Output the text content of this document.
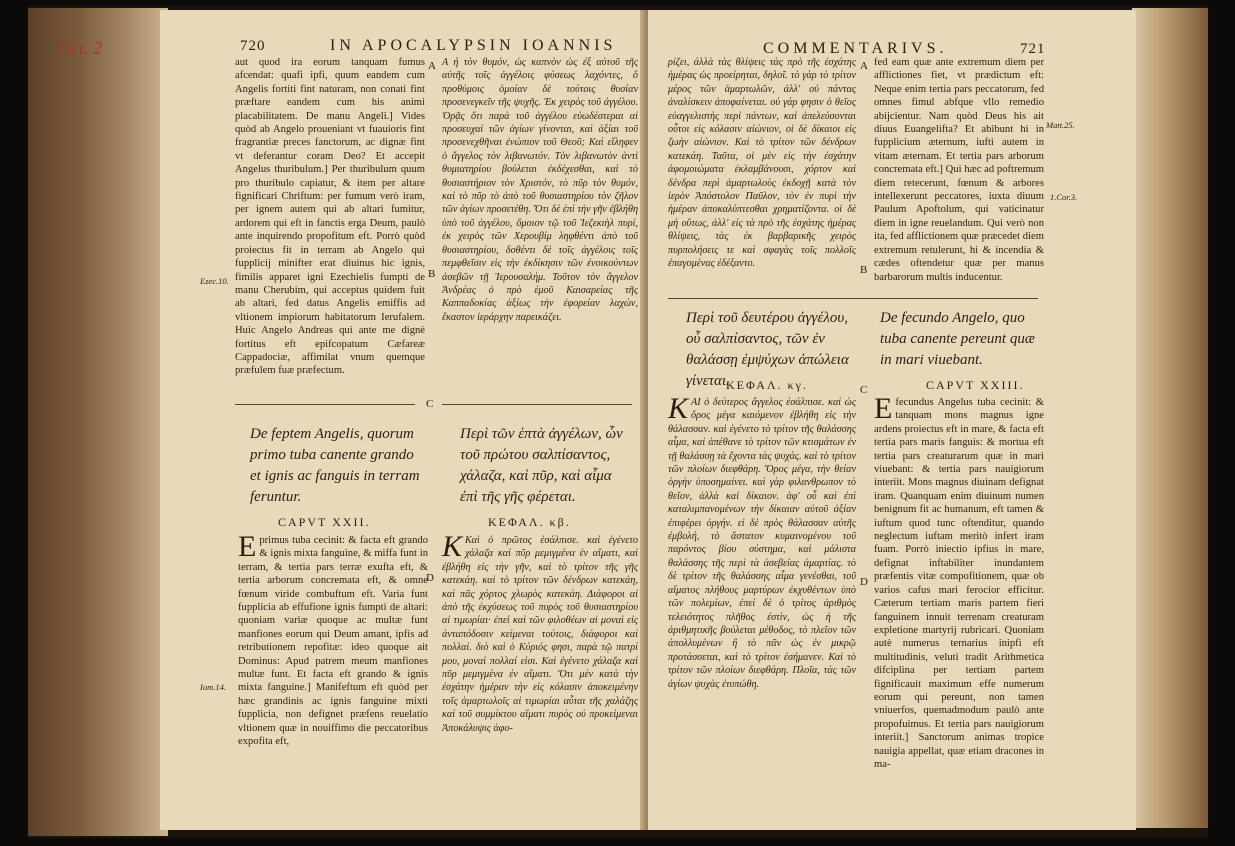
Oct. 2	720	IN APOCALYPSIN IOANNIS

aut quod ira eorum tanquam fumus afcendat: quafi ipfi, quum eandem cum Angelis fortiti fint naturam, non conati fint præftare eandem cum his animi placabilitatem. De manu Angeli.] Vides quòd ab Angelo proueniant vt fuauioris fint fragrantiæ preces fanctorum, ac dignæ fint vt deferantur coram Deo? Et accepit Angelus thuribulum.] Per thuribulum quum pro thuribulo capiatur, & item per altare fignificari Chriftum: per fumum verò iram, per ignem autem qui ab altari fumitur, ardorem qui eft in fanctis erga Deum, paulò ante inquirendo propofitum eft. Porrò quòd proiectus fit in terram ab Angelo qui fupplicij minifter erat diuinus hic ignis, fimilis apparet igni Ezechielis fumpti de manu Cherubim, qui acceptus quidem fuit ab altari, fed datus Angelis emiffis ad vltionem impiorum habitatorum Ierufalem. Huic Angelo Andreas qui ante me dignè fortitus eft epifcopatum Cæfareæ Cappadociæ, affimilat vnum quemque præfulem fuæ præfectum.

A
B

Α ή τὸν θυμόν, ὡς καπνὸν ὡς ἐξ αὐτοῦ τῆς αὐτῆς τοῖς ἀγγέλοις φύσεως λαχόντες, ὃ προθύμοις ὁμοίαν δὲ τούτοις θυσίαν προσενεγκεῖν τῆς ψυχῆς. Ἐκ χειρὸς τοῦ ἀγγέλου. Ὁρᾷς ὅτι παρὰ τοῦ ἀγγέλου εὐωδέστεραι αἱ προσευχαὶ τῶν ἁγίων γίνονται, καὶ ἀξίαι τοῦ προσενεχθῆναι ἐνώπιον τοῦ Θεοῦ; Καὶ εἴληφεν ὁ ἄγγελος τὸν λιβανωτόν. Τὸν λιβανωτὸν ἀντὶ θυμιατηρίου βούλεται ἐκδέχεσθαι, καὶ τὸ θυσιαστήριον τὸν Χριστόν, τὸ πῦρ τὸν θυμόν, καὶ τὸ πῦρ τὸ ἀπὸ τοῦ θυσιαστηρίου τὸν ζῆλον τῶν ἁγίων προσετέθη. Ὅτι δὲ ἐπὶ τὴν γῆν ἐβλήθη ὑπὸ τοῦ ἀγγέλου, ὅμοιον τῷ τοῦ Ἰεζεκιὴλ πυρί, ἐκ χειρὸς τῶν Χερουβίμ ληφθέντι ἀπὸ τοῦ θυσιαστηρίου, δοθέντι δὲ τοῖς ἀγγέλοις τοῖς πεμφθεῖσιν εἰς τὴν ἐκδίκησιν τῶν ἐνοικούντων ἀσεβῶν τῇ Ἱερουσαλήμ. Τοῦτον τὸν ἄγγελον Ἀνδρέας ὁ πρὸ ἐμοῦ Καισαρείας τῆς Καππαδοκίας ἀξίως τὴν ἐφορείαν λαχών, ἕκαστον ἱεράρχην παρεικάζει.

Ezec.10.
C
De feptem Angelis, quorum primo tuba canente grando et ignis ac fanguis in terram feruntur.
Περὶ τῶν ἑπτὰ ἀγγέλων, ὧν τοῦ πρώτου σαλπίσαντος, χάλαζα, καὶ πῦρ, καὶ αἷμα ἐπὶ τῆς γῆς φέρεται.
CAPVT XXII.	ΚΕΦΑΛ. κβ.
E primus tuba cecinit: & facta eft grando & ignis mixta fanguine, & miffa funt in terram, & tertia pars terræ exufta eft, & tertia arborum concremata eft, & omne fœnum viride combuftum eft. Varia funt fupplicia ab effufione ignis fumpti de altari: quoniam variæ quoque ac multæ funt manfiones eorum qui Deum amant, ipfis ad retributionem repofitæ: ideo quoque ait Dominus: Apud patrem meum manfiones multæ funt. Et facta eft grando & ignis mixta fanguine.] Manifeftum eft quòd per hæc grandinis ac ignis fanguine mixti fupplicia, non defignet præfens reuelatio vltionem quæ in nouiffimo die peccatoribus expofita eft,

D
K Καὶ ὁ πρῶτος ἐσάλπισε. καὶ ἐγένετο χάλαζα καὶ πῦρ μεμιγμένα ἐν αἵματι, καὶ ἐβλήθη εἰς τὴν γῆν, καὶ τὸ τρίτον τῆς γῆς κατεκάη. καὶ τὸ τρίτον τῶν δένδρων κατεκάη, καὶ πᾶς χόρτος χλωρὸς κατεκάη. Διάφοροι αἱ ἀπὸ τῆς ἐκχύσεως τοῦ πυρὸς τοῦ θυσιαστηρίου αἱ τιμωρίαι· ἐπεὶ καὶ τῶν φιλοθέων αἱ μοναὶ εἰς ἀνταπόδοσιν κείμεναι τούτοις, διάφοροι καὶ πολλαί. διὸ καὶ ὁ Κύριός φησι, παρὰ τῷ πατρί μου, μοναὶ πολλαί εἰσι. Καὶ ἐγένετο χάλαζα καὶ πῦρ μεμιγμένα ἐν αἵματι. Ὅτι μὲν κατὰ τὴν ἐσχάτην ἡμέραν τὴν εἰς κόλασιν ἀποκειμένην τοῖς ἁμαρτωλοῖς αἱ τιμωρίαι αὗται τῆς χαλάζης καὶ τοῦ συμμίκτου αἵματι πυρὸς οὐ προκείμεναι Ἀποκάλυψις ἀφο-

Iom.14.
COMMENTARIVS.	721

ρίζει, ἀλλὰ τὰς θλίψεις τὰς πρὸ τῆς ἐσχάτης ἡμέρας ὡς προείρηται, δηλοῖ. τὸ γὰρ τὸ τρίτον μέρος τῶν ἁμαρτωλῶν, ἀλλ' οὐ πάντας ἀναλίσκειν ἀποφαίνεται. οὐ γάρ φησιν ὁ θεῖος εὐαγγελιστὴς περὶ πάντων, καὶ ἀπελεύσονται οὗτοι εἰς κόλασιν αἰώνιον, οἱ δὲ δίκαιοι εἰς ζωὴν αἰώνιον. Καὶ τὸ τρίτον τῶν δένδρων κατεκάη. Ταῦτα, οἱ μὲν εἰς τὴν ἐσχάτην ἀφομοιώματα ἐκλαμβάνουσι, χόρτον καὶ δένδρα περὶ ἁμαρτωλοὺς ἐκδοχῇ κατὰ τὸν ἱερὸν Ἀπόστολον Παῦλον, τὸν ἐν πυρὶ τὴν ἡμέραν ἀποκαλύπτεσθαι χρηματίζοντα. οἱ δὲ μὴ οὕτως, ἀλλ' εἰς τὰ πρὸ τῆς ἐσχάτης ἡμέρας θλίψεις, τὰς ἐκ βαρβαρικῆς χειρὸς πυρπολήσεις τε καὶ σφαγὰς τοῖς πολλοῖς ἐπαγομένας ἐδέξαντο.

A
B

fed eam quæ ante extremum diem per afflictiones fiet, vt prædictum eft: Neque enim tertia pars peccatorum, fed omnes fimul abfque vllo remedio abijcientur. Nam quòd Deus his ait diuus Euangelifta? Et abibunt hi in fupplicium æternum, iufti autem in vitam æternam. Et tertia pars arborum concremata eft.] Qui hæc ad poftremum diem retecerunt, fœnum & arbores intellexerunt peccatores, iuxta diuum Paulum Apoftolum, qui vaticinatur diem in igne reuelandum. Qui verò non ita, fed afflictionem quæ præcedet diem extremum retulerunt, hi & incendia & cædes oftendetur quæ per manus barbarorum multis inducentur.

Matt.25.
1.Cor.3.
Περὶ τοῦ δευτέρου ἀγγέλου, οὗ σαλπίσαντος, τῶν ἐν θαλάσσῃ ἐμψύχων ἀπώλεια γίνεται.
De fecundo Angelo, quo tuba canente pereunt quæ in mari viuebant.
ΚΕΦΑΛ. κγ.	C	CAPVT XXIII.
K ΑΙ ὁ δεύτερος ἄγγελος ἐσάλπισε. καὶ ὡς ὄρος μέγα καιόμενον ἐβλήθη εἰς τὴν θάλασσαν. καὶ ἐγένετο τὸ τρίτον τῆς θαλάσσης αἷμα, καὶ ἀπέθανε τὸ τρίτον τῶν κτισμάτων ἐν τῇ θαλάσσῃ τὰ ἔχοντα τὰς ψυχάς. καὶ τὸ τρίτον τῶν πλοίων διεφθάρη. Ὄρος μέγα, τὴν θείαν ὀργὴν ὑποσημαίνει. καὶ γὰρ φιλανθρωπον τὸ θεῖον, ἀλλὰ καὶ δίκαιον. ἀφ' οὗ καὶ ἐπὶ καταλιμπανομένων τὴν δίκαιαν αὐτοῦ ἀξίαν ἐπιφέρει ὀργήν. εἰ δὲ πρὸς θάλασσαν αὐτῆς ἐμβολή, τὸ ἄστατον κυμαινομένου τοῦ παρόντος βίου σύστημα, καὶ μάλιστα θαλάσσης τῆς περὶ τὰ ἀσεβείας ἀμαρτίας. τὸ δὲ τρίτον τῆς θαλάσσης αἷμα γενέσθαι, τοῦ αἵματος πλήθους μαρτύρων ἐκχυθέντων ὑπὸ τῶν πολεμίων, ἐπεὶ δὲ ὁ τρίτος ἀριθμὸς τελειότητος πλῆθος ἐστὶν, ὡς ἡ τῆς ἀριθμητικῆς βούλεται μέθοδος, τὸ πλεῖον τῶν ἀπολλυμένων ἢ τὸ πᾶν ὡς ἐν μικρῷ προτάσσεται, καὶ τὸ τρίτον ἐσήμανεν. Καὶ τὸ τρίτον τῶν πλοίων διεφθάρη. Πλοῖα, τὰς τῶν ἁγίων ψυχὰς ἐτυπώθη.

D
E fecundus Angelus tuba cecinit: & tanquam mons magnus igne ardens proiectus eft in mare, & facta eft tertia pars maris fanguis: & mortua eft tertia pars creaturarum quæ in mari viuebant: & tertia pars nauigiorum interiit. Mons magnus diuinam defignat iram. Quanquam enim diuinum numen benignum fit ac humanum, eft tamen & iuftum quod tunc oftenditur, quando neglectum iuftam meritò infert iram fuam. Porrò iniectio ipfius in mare, defignat inftabiliter inundantem præfentis vitæ compofitionem, quæ ob varios cafus mari ferocior efficitur. Cæterum tertiam maris partem fieri fanguinem innuit terrenam creaturam expletione martyrij rubricari. Quoniam autè numerus ternarius inipfi eft multitudinis, veluti tradit Arithmetica difciplina per tertiam partem fignificauit maximum effe numerum eorum qui pereunt, non tamen vniuerfos, quemadmodum paulò ante propofuimus. Et tertia pars nauigiorum interiit.] Sanctorum animas tropice nauigia appellat, quæ etiam dracones in ma-
